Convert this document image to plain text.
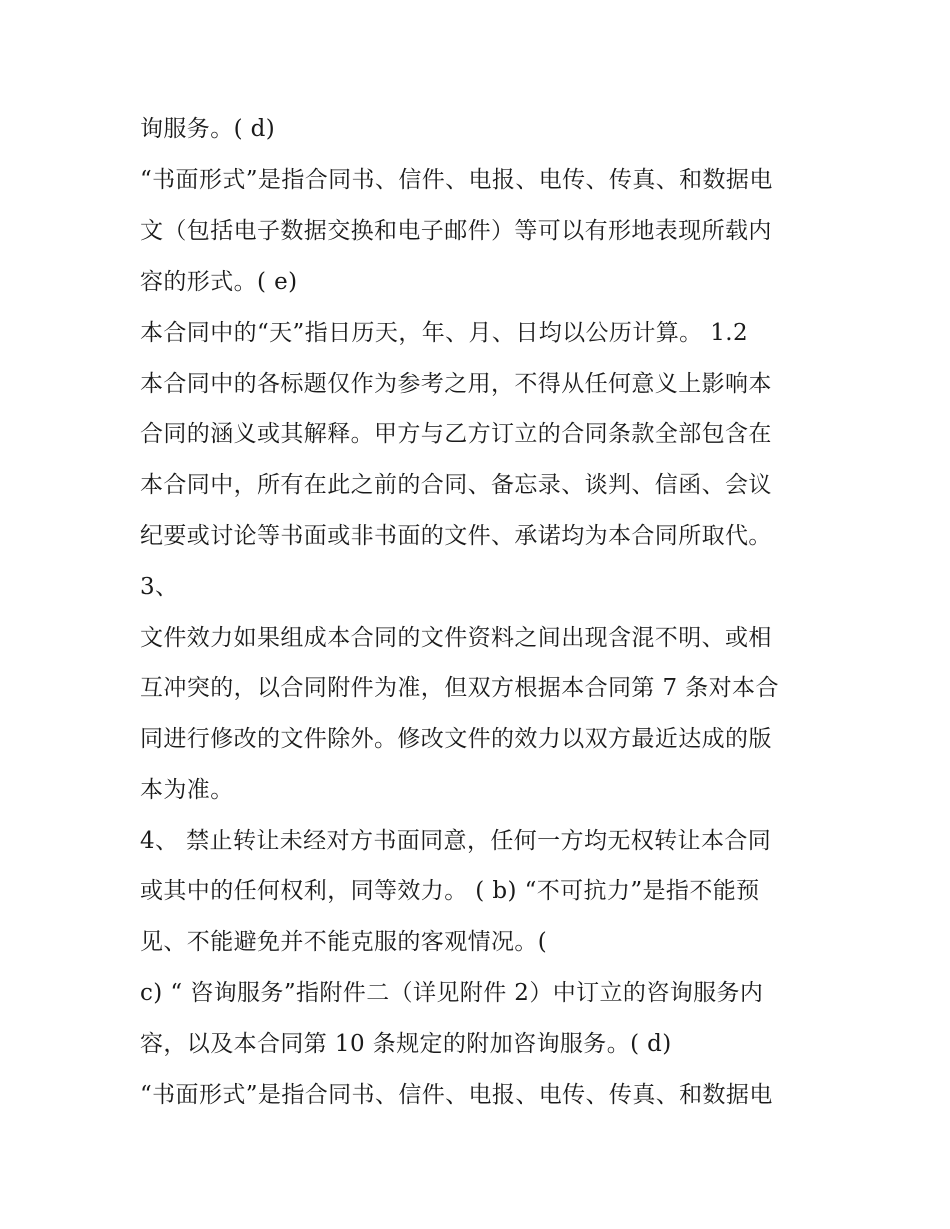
询服务。( d)
“书面形式”是指合同书、信件、电报、电传、传真、和数据电
文（包括电子数据交换和电子邮件）等可以有形地表现所载内
容的形式。( e)
本合同中的“天”指日历天，年、月、日均以公历计算。 1.2
本合同中的各标题仅作为参考之用，不得从任何意义上影响本
合同的涵义或其解释。甲方与乙方订立的合同条款全部包含在
本合同中，所有在此之前的合同、备忘录、谈判、信函、会议
纪要或讨论等书面或非书面的文件、承诺均为本合同所取代。
3、
文件效力如果组成本合同的文件资料之间出现含混不明、或相
互冲突的，以合同附件为准，但双方根据本合同第 7 条对本合
同进行修改的文件除外。修改文件的效力以双方最近达成的版
本为准。
4、 禁止转让未经对方书面同意，任何一方均无权转让本合同
或其中的任何权利，同等效力。 ( b) “不可抗力”是指不能预
见、不能避免并不能克服的客观情况。(
c) “ 咨询服务”指附件二（详见附件 2）中订立的咨询服务内
容，以及本合同第 10 条规定的附加咨询服务。( d)
“书面形式”是指合同书、信件、电报、电传、传真、和数据电
